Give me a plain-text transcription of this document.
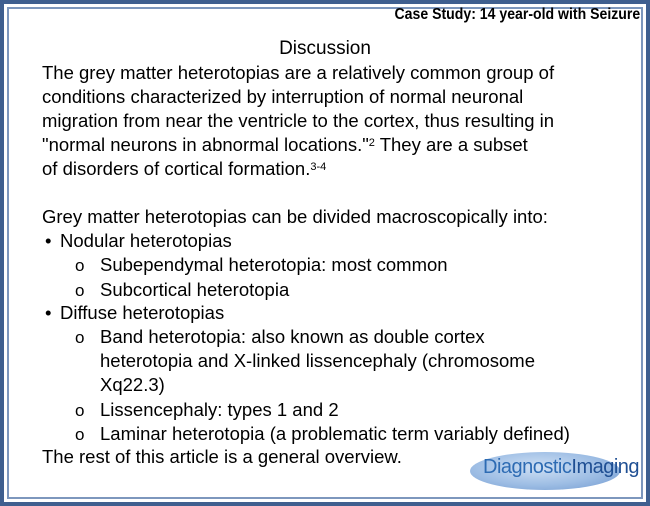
Case Study: 14 year-old with Seizure
Discussion
The grey matter heterotopias are a relatively common group of
conditions characterized by interruption of normal neuronal
migration from near the ventricle to the cortex, thus resulting in
"normal neurons in abnormal locations."$^2$ They are a subset
of disorders of cortical formation.$^{3-4}$
Grey matter heterotopias can be divided macroscopically into:
• Nodular heterotopias
o Subependymal heterotopia: most common
o Subcortical heterotopia
• Diffuse heterotopias
o Band heterotopia: also known as double cortex
heterotopia and X-linked lissencephaly (chromosome
Xq22.3)
o Lissencephaly: types 1 and 2
o Laminar heterotopia (a problematic term variably defined)
The rest of this article is a general overview.	DiagnosticImaging
